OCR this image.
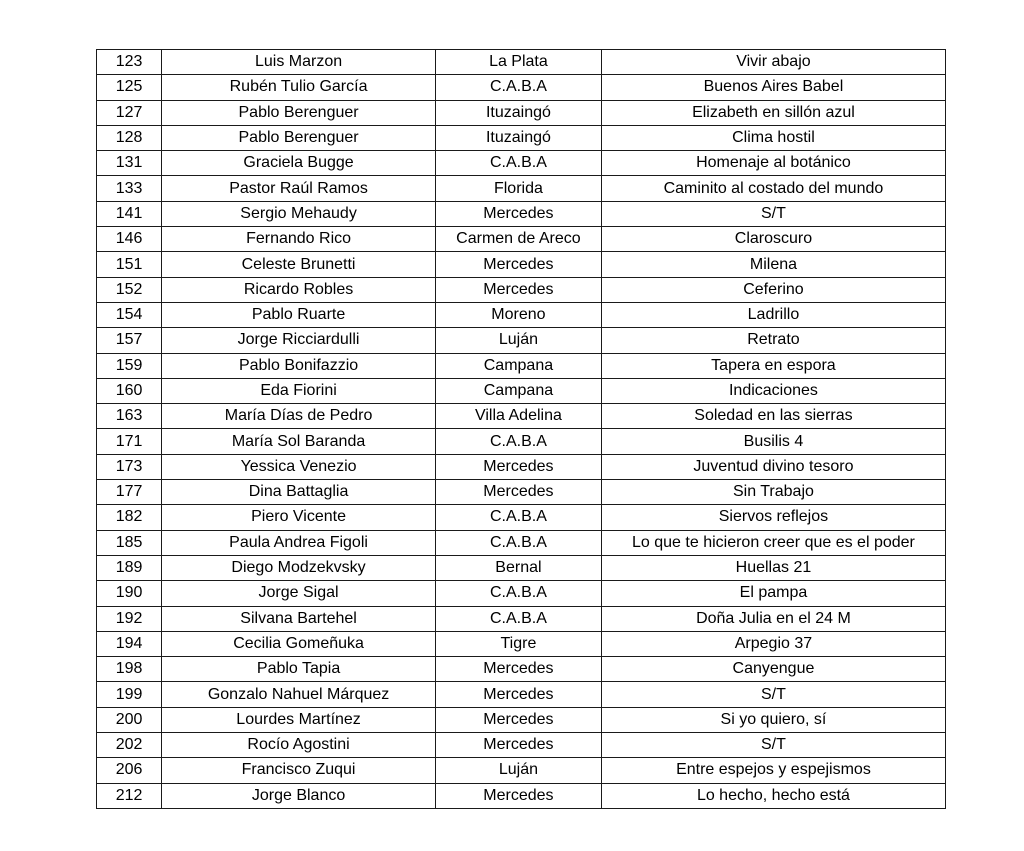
123	Luis Marzon	La Plata	Vivir abajo
125	Rubén Tulio García	C.A.B.A	Buenos Aires Babel
127	Pablo Berenguer	Ituzaingó	Elizabeth en sillón azul
128	Pablo Berenguer	Ituzaingó	Clima hostil
131	Graciela Bugge	C.A.B.A	Homenaje al botánico
133	Pastor Raúl Ramos	Florida	Caminito al costado del mundo
141	Sergio Mehaudy	Mercedes	S/T
146	Fernando Rico	Carmen de Areco	Claroscuro
151	Celeste Brunetti	Mercedes	Milena
152	Ricardo Robles	Mercedes	Ceferino
154	Pablo Ruarte	Moreno	Ladrillo
157	Jorge Ricciardulli	Luján	Retrato
159	Pablo Bonifazzio	Campana	Tapera en espora
160	Eda Fiorini	Campana	Indicaciones
163	María Días de Pedro	Villa Adelina	Soledad en las sierras
171	María Sol Baranda	C.A.B.A	Busilis 4
173	Yessica Venezio	Mercedes	Juventud divino tesoro
177	Dina Battaglia	Mercedes	Sin Trabajo
182	Piero Vicente	C.A.B.A	Siervos reflejos
185	Paula Andrea Figoli	C.A.B.A	Lo que te hicieron creer que es el poder
189	Diego Modzekvsky	Bernal	Huellas 21
190	Jorge Sigal	C.A.B.A	El pampa
192	Silvana Bartehel	C.A.B.A	Doña Julia en el 24 M
194	Cecilia Gomeñuka	Tigre	Arpegio 37
198	Pablo Tapia	Mercedes	Canyengue
199	Gonzalo Nahuel Márquez	Mercedes	S/T
200	Lourdes Martínez	Mercedes	Si yo quiero, sí
202	Rocío Agostini	Mercedes	S/T
206	Francisco Zuqui	Luján	Entre espejos y espejismos
212	Jorge Blanco	Mercedes	Lo hecho, hecho está
